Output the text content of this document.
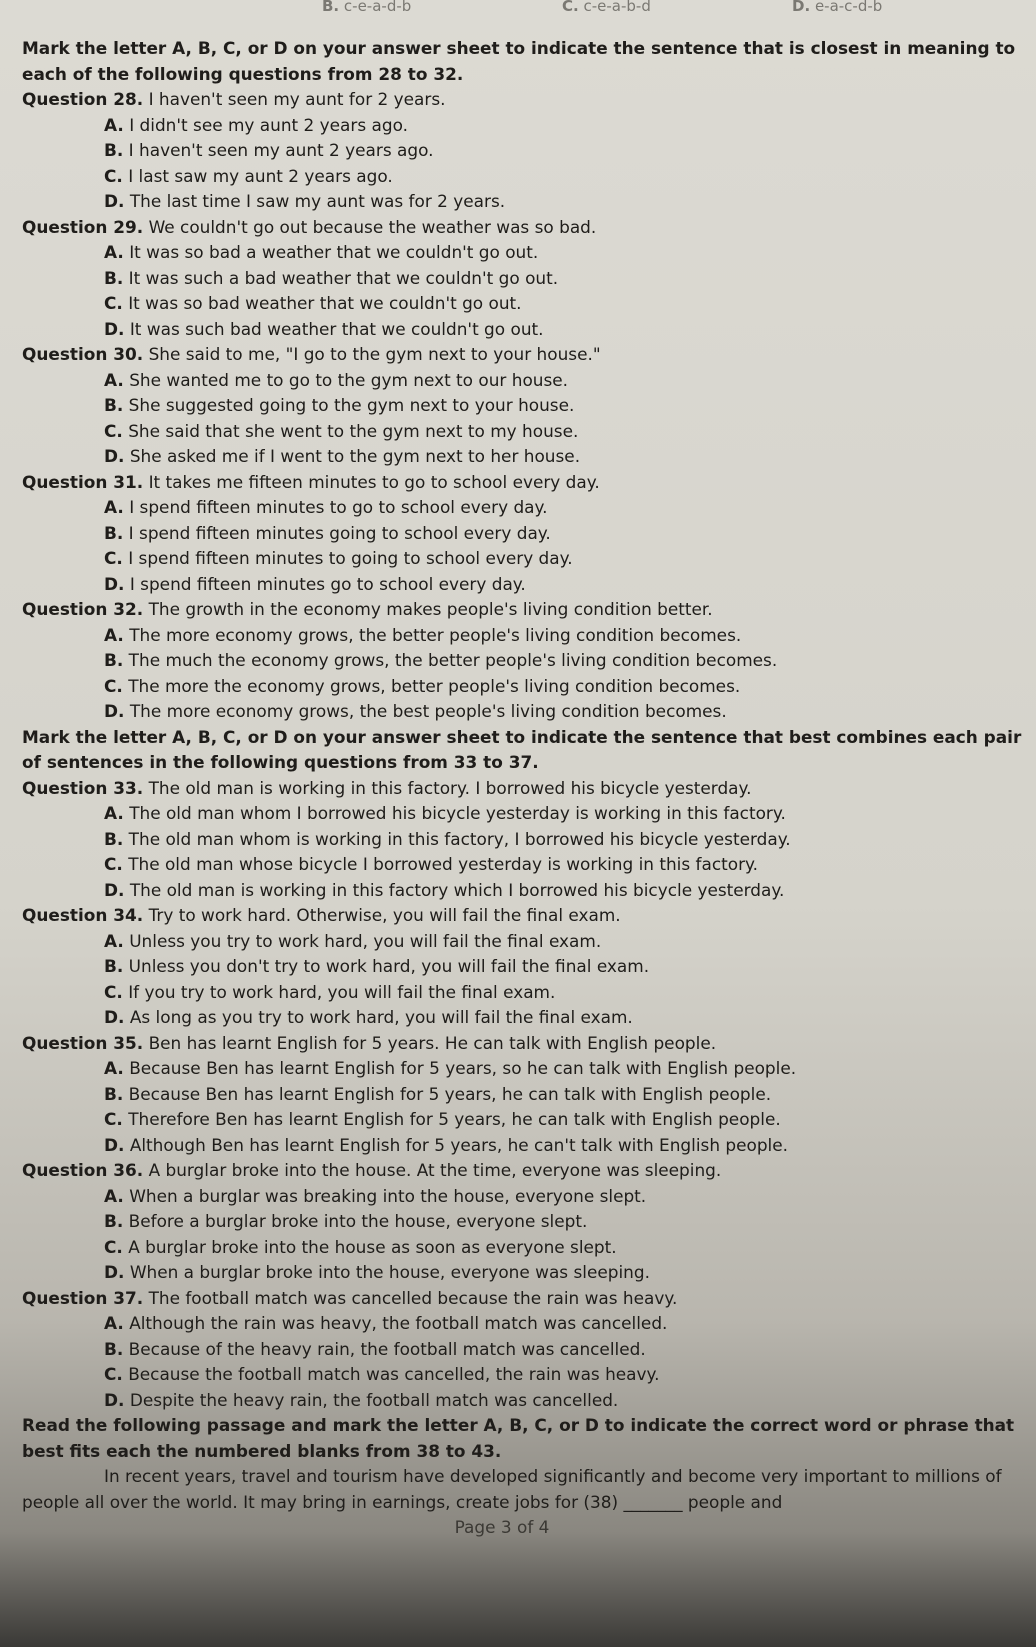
B. c-e-a-d-b	C. c-e-a-b-d	D. e-a-c-d-b

Mark the letter A, B, C, or D on your answer sheet to indicate the sentence that is closest in meaning to each of the following questions from 28 to 32.

Question 28. I haven't seen my aunt for 2 years.

A. I didn't see my aunt 2 years ago.

B. I haven't seen my aunt 2 years ago.

C. I last saw my aunt 2 years ago.

D. The last time I saw my aunt was for 2 years.

Question 29. We couldn't go out because the weather was so bad.

A. It was so bad a weather that we couldn't go out.

B. It was such a bad weather that we couldn't go out.

C. It was so bad weather that we couldn't go out.

D. It was such bad weather that we couldn't go out.

Question 30. She said to me, "I go to the gym next to your house."

A. She wanted me to go to the gym next to our house.

B. She suggested going to the gym next to your house.

C. She said that she went to the gym next to my house.

D. She asked me if I went to the gym next to her house.

Question 31. It takes me fifteen minutes to go to school every day.

A. I spend fifteen minutes to go to school every day.

B. I spend fifteen minutes going to school every day.

C. I spend fifteen minutes to going to school every day.

D. I spend fifteen minutes go to school every day.

Question 32. The growth in the economy makes people's living condition better.

A. The more economy grows, the better people's living condition becomes.

B. The much the economy grows, the better people's living condition becomes.

C. The more the economy grows, better people's living condition becomes.

D. The more economy grows, the best people's living condition becomes.

Mark the letter A, B, C, or D on your answer sheet to indicate the sentence that best combines each pair of sentences in the following questions from 33 to 37.

Question 33. The old man is working in this factory. I borrowed his bicycle yesterday.

A. The old man whom I borrowed his bicycle yesterday is working in this factory.

B. The old man whom is working in this factory, I borrowed his bicycle yesterday.

C. The old man whose bicycle I borrowed yesterday is working in this factory.

D. The old man is working in this factory which I borrowed his bicycle yesterday.

Question 34. Try to work hard. Otherwise, you will fail the final exam.

A. Unless you try to work hard, you will fail the final exam.

B. Unless you don't try to work hard, you will fail the final exam.

C. If you try to work hard, you will fail the final exam.

D. As long as you try to work hard, you will fail the final exam.

Question 35. Ben has learnt English for 5 years. He can talk with English people.

A. Because Ben has learnt English for 5 years, so he can talk with English people.

B. Because Ben has learnt English for 5 years, he can talk with English people.

C. Therefore Ben has learnt English for 5 years, he can talk with English people.

D. Although Ben has learnt English for 5 years, he can't talk with English people.

Question 36. A burglar broke into the house. At the time, everyone was sleeping.

A. When a burglar was breaking into the house, everyone slept.

B. Before a burglar broke into the house, everyone slept.

C. A burglar broke into the house as soon as everyone slept.

D. When a burglar broke into the house, everyone was sleeping.

Question 37. The football match was cancelled because the rain was heavy.

A. Although the rain was heavy, the football match was cancelled.

B. Because of the heavy rain, the football match was cancelled.

C. Because the football match was cancelled, the rain was heavy.

D. Despite the heavy rain, the football match was cancelled.

Read the following passage and mark the letter A, B, C, or D to indicate the correct word or phrase that best fits each the numbered blanks from 38 to 43.

In recent years, travel and tourism have developed significantly and become very important to millions of people all over the world. It may bring in earnings, create jobs for (38) _______ people and

Page 3 of 4
